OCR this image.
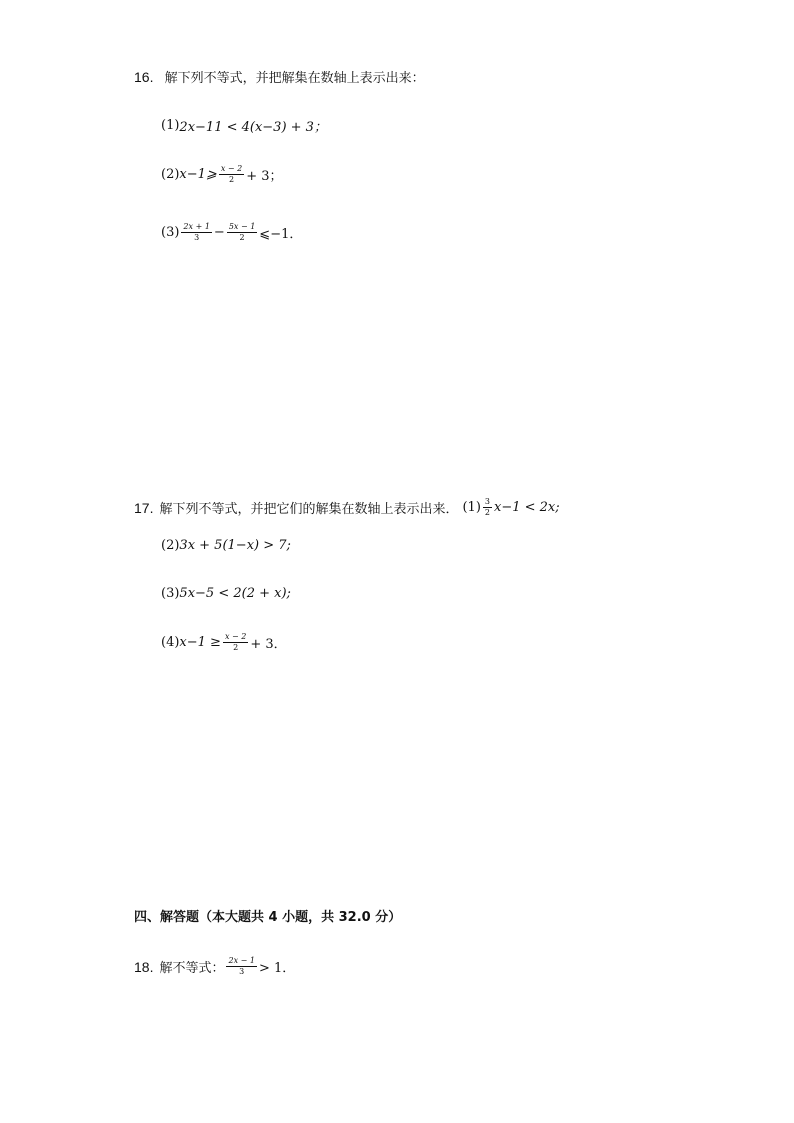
16. 解下列不等式，并把解集在数轴上表示出来：
(1) 2x−11 < 4(x−3) + 3；
(2) x−1⩾ $\frac{x - 2}{2} + 3$；
$(3) \frac{2x + 1}{3} - \frac{5x - 1}{2}$ ⩽−1．
17. 解下列不等式，并把它们的解集在数轴上表示出来． $(1) \frac{3}{2} x-1 < 2x$;
(2) 3x + 5(1−x) > 7;
(3) 5x−5 < 2(2 + x);
(4) $x-1 \ge \frac{x - 2}{2} + 3$．
四、解答题（本大题共 4 小题，共 32.0 分）
18. 解不等式： $\frac{2x - 1}{3} > 1$．
